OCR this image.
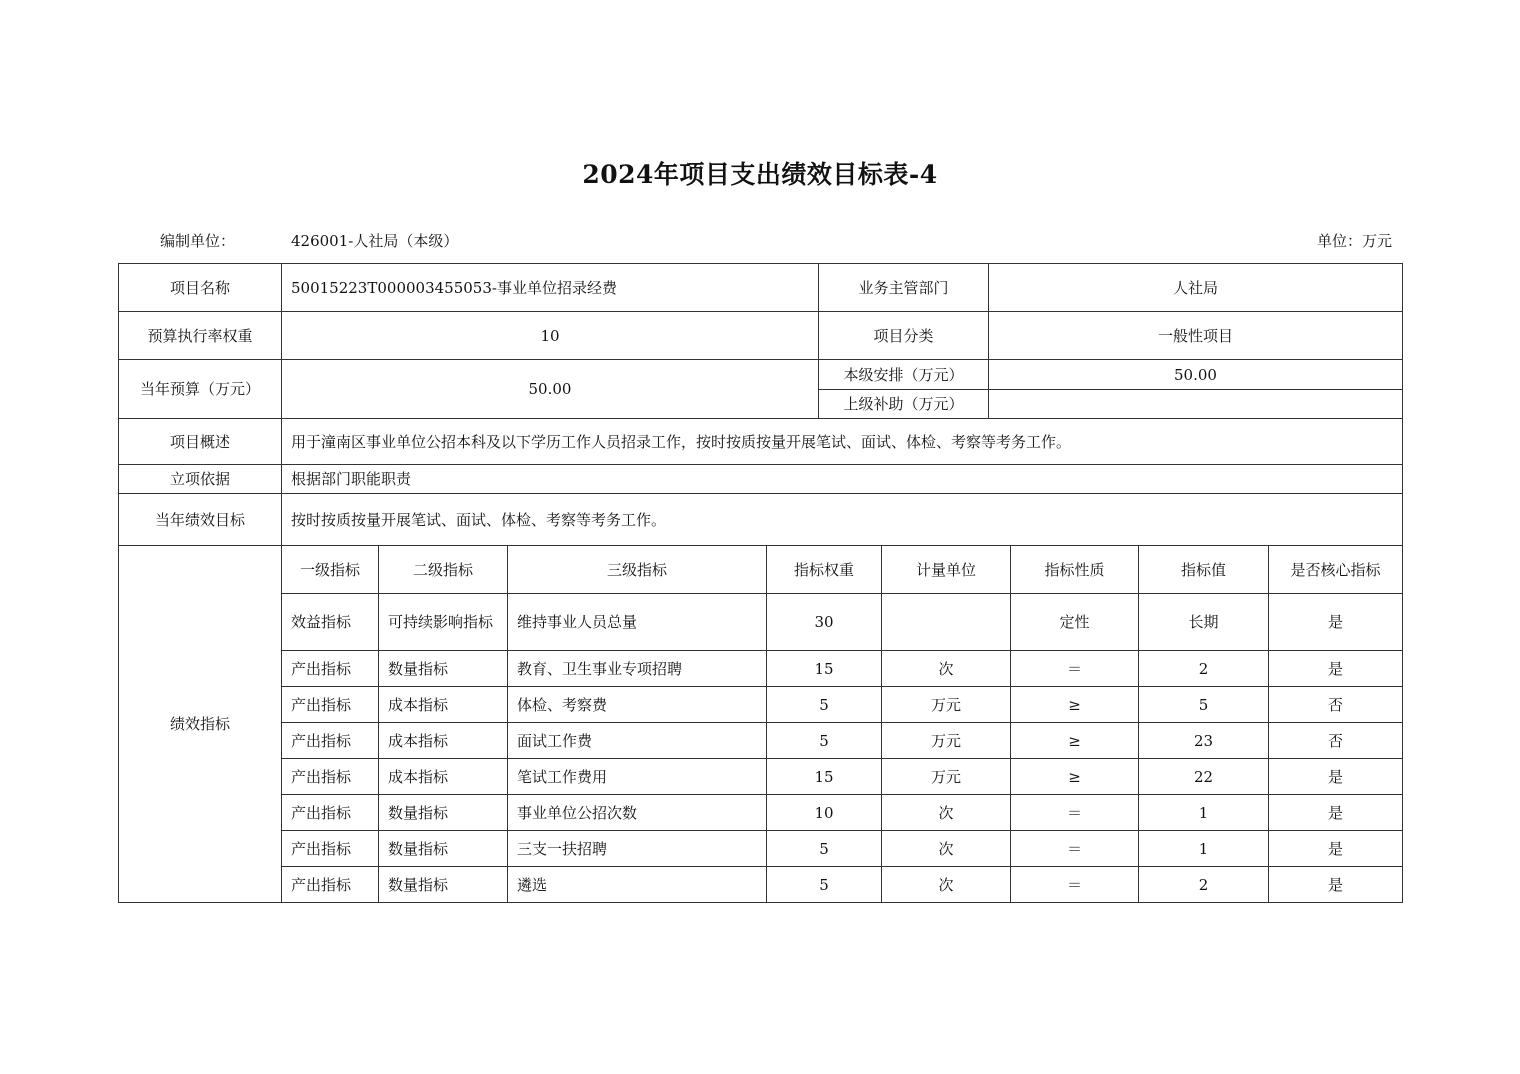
2024年项目支出绩效目标表-4
编制单位：	426001-人社局（本级）	单位：万元
项目名称	50015223T000003455053-事业单位招录经费	业务主管部门	人社局
预算执行率权重	10	项目分类	一般性项目
当年预算（万元）	50.00	本级安排（万元）	50.00
		上级补助（万元）	
项目概述	用于潼南区事业单位公招本科及以下学历工作人员招录工作，按时按质按量开展笔试、面试、体检、考察等考务工作。		
立项依据	根据部门职能职责		
当年绩效目标	按时按质按量开展笔试、面试、体检、考察等考务工作。		
绩效指标	一级指标	二级指标	三级指标	指标权重	计量单位	指标性质	指标值	是否核心指标
	效益指标	可持续影响指标	维持事业人员总量	30		定性	长期	是
	产出指标	数量指标	教育、卫生事业专项招聘	15	次	＝	2	是
	产出指标	成本指标	体检、考察费	5	万元	≥	5	否
	产出指标	成本指标	面试工作费	5	万元	≥	23	否
	产出指标	成本指标	笔试工作费用	15	万元	≥	22	是
	产出指标	数量指标	事业单位公招次数	10	次	＝	1	是
	产出指标	数量指标	三支一扶招聘	5	次	＝	1	是
	产出指标	数量指标	遴选	5	次	＝	2	是
